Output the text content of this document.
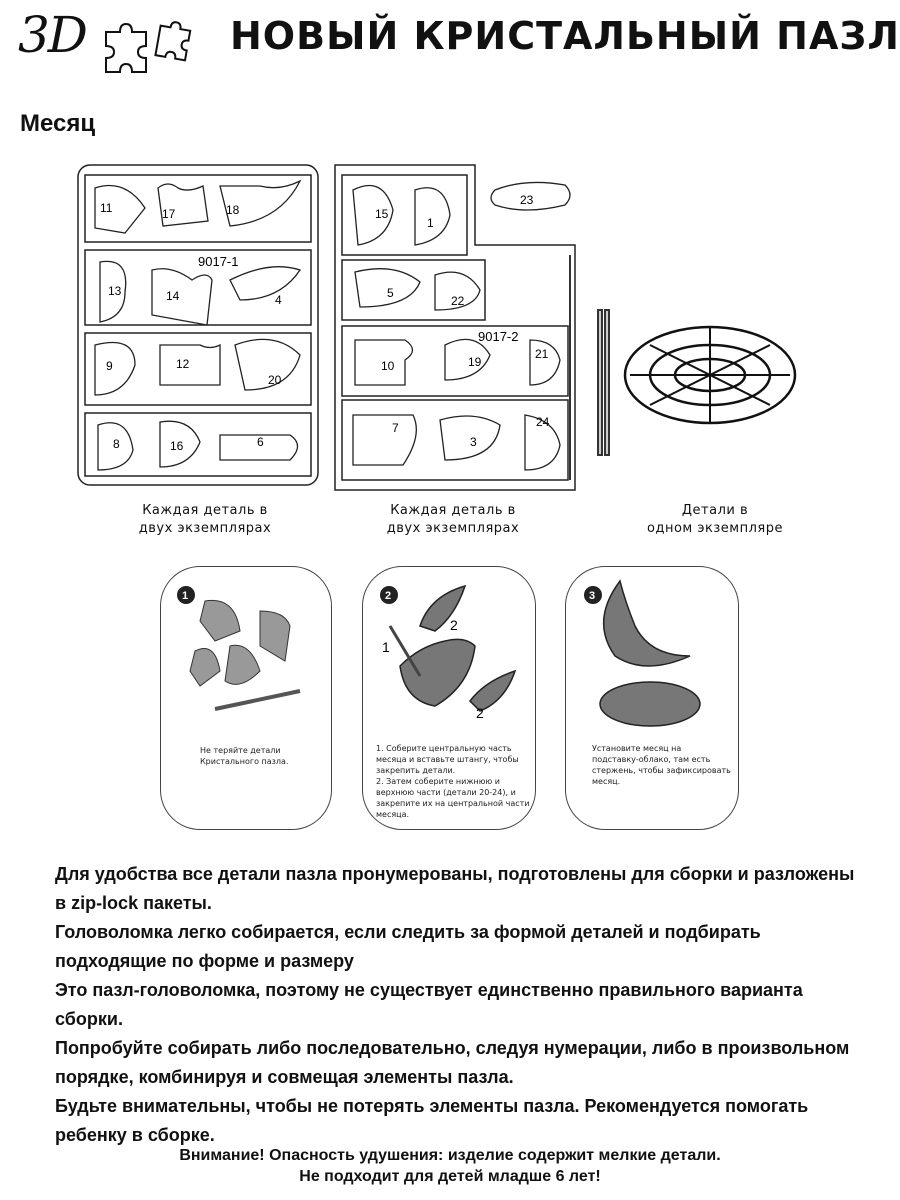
3D	НОВЫЙ КРИСТАЛЬНЫЙ ПАЗЛ
Месяц
11	17	18
9017-1
13	14	4
9	12
20
8	16	6
15
1
5
22
9017-2
10	19
21
7
3
24
23
Каждая деталь в
двух экземплярах
Каждая деталь в
двух экземплярах
Детали в
одном экземпляре
1	2	3
1
2
2
Не теряйте детали
Кристального пазла.
1. Соберите центральную часть
месяца и вставьте штангу, чтобы
закрепить детали.
2. Затем соберите нижнюю и
верхнюю части (детали 20-24), и
закрепите их на центральной части
месяца.
Установите месяц на
подставку-облако, там есть
стержень, чтобы зафиксировать
месяц.

Для удобства все детали пазла пронумерованы, подготовлены для сборки и разложены в zip-lock пакеты.

Головоломка легко собирается, если следить за формой деталей и подбирать подходящие по форме и размеру

Это пазл-головоломка, поэтому не существует единственно правильного варианта сборки.

Попробуйте собирать либо последовательно, следуя нумерации, либо в произвольном порядке, комбинируя и совмещая элементы пазла.

Будьте внимательны, чтобы не потерять элементы пазла. Рекомендуется помогать ребенку в сборке.

Внимание! Опасность удушения: изделие содержит мелкие детали.
Не подходит для детей младше 6 лет!
